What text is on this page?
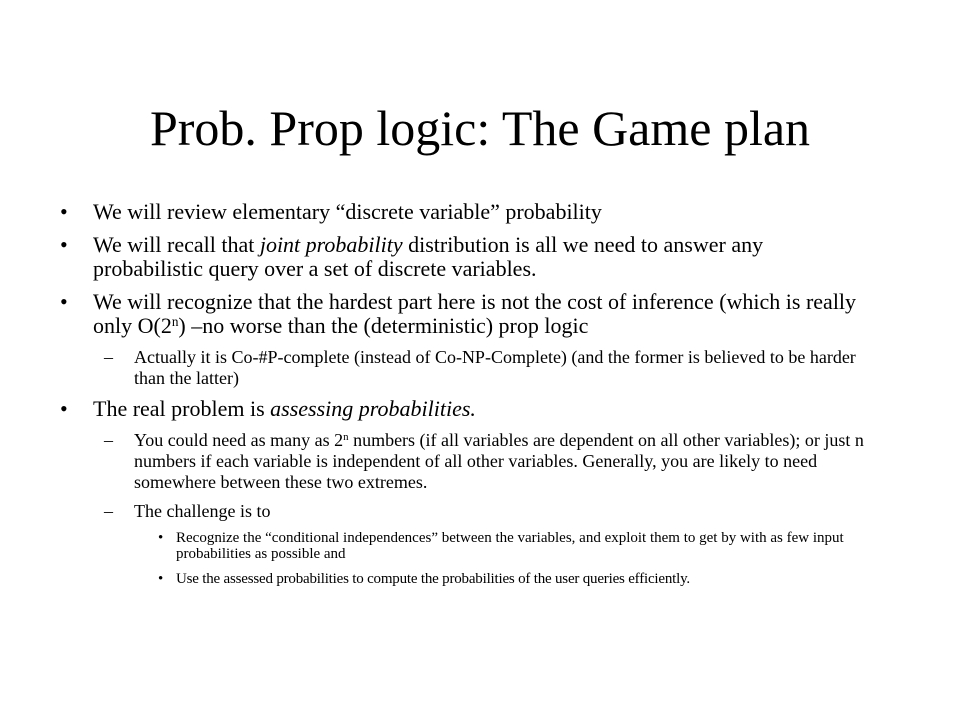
Prob. Prop logic: The Game plan
• We will review elementary “discrete variable” probability
• We will recall that joint probability distribution is all we need to answer any probabilistic query over a set of discrete variables.
• We will recognize that the hardest part here is not the cost of inference (which is really only O(2$^n$) –no worse than the (deterministic) prop logic
– Actually it is Co-#P-complete (instead of Co-NP-Complete) (and the former is believed to be harder than the latter)
• The real problem is assessing probabilities.
– You could need as many as 2$^n$ numbers (if all variables are dependent on all other variables); or just n numbers if each variable is independent of all other variables. Generally, you are likely to need somewhere between these two extremes.
– The challenge is to
• Recognize the “conditional independences” between the variables, and exploit them to get by with as few input probabilities as possible and
• Use the assessed probabilities to compute the probabilities of the user queries efficiently.
